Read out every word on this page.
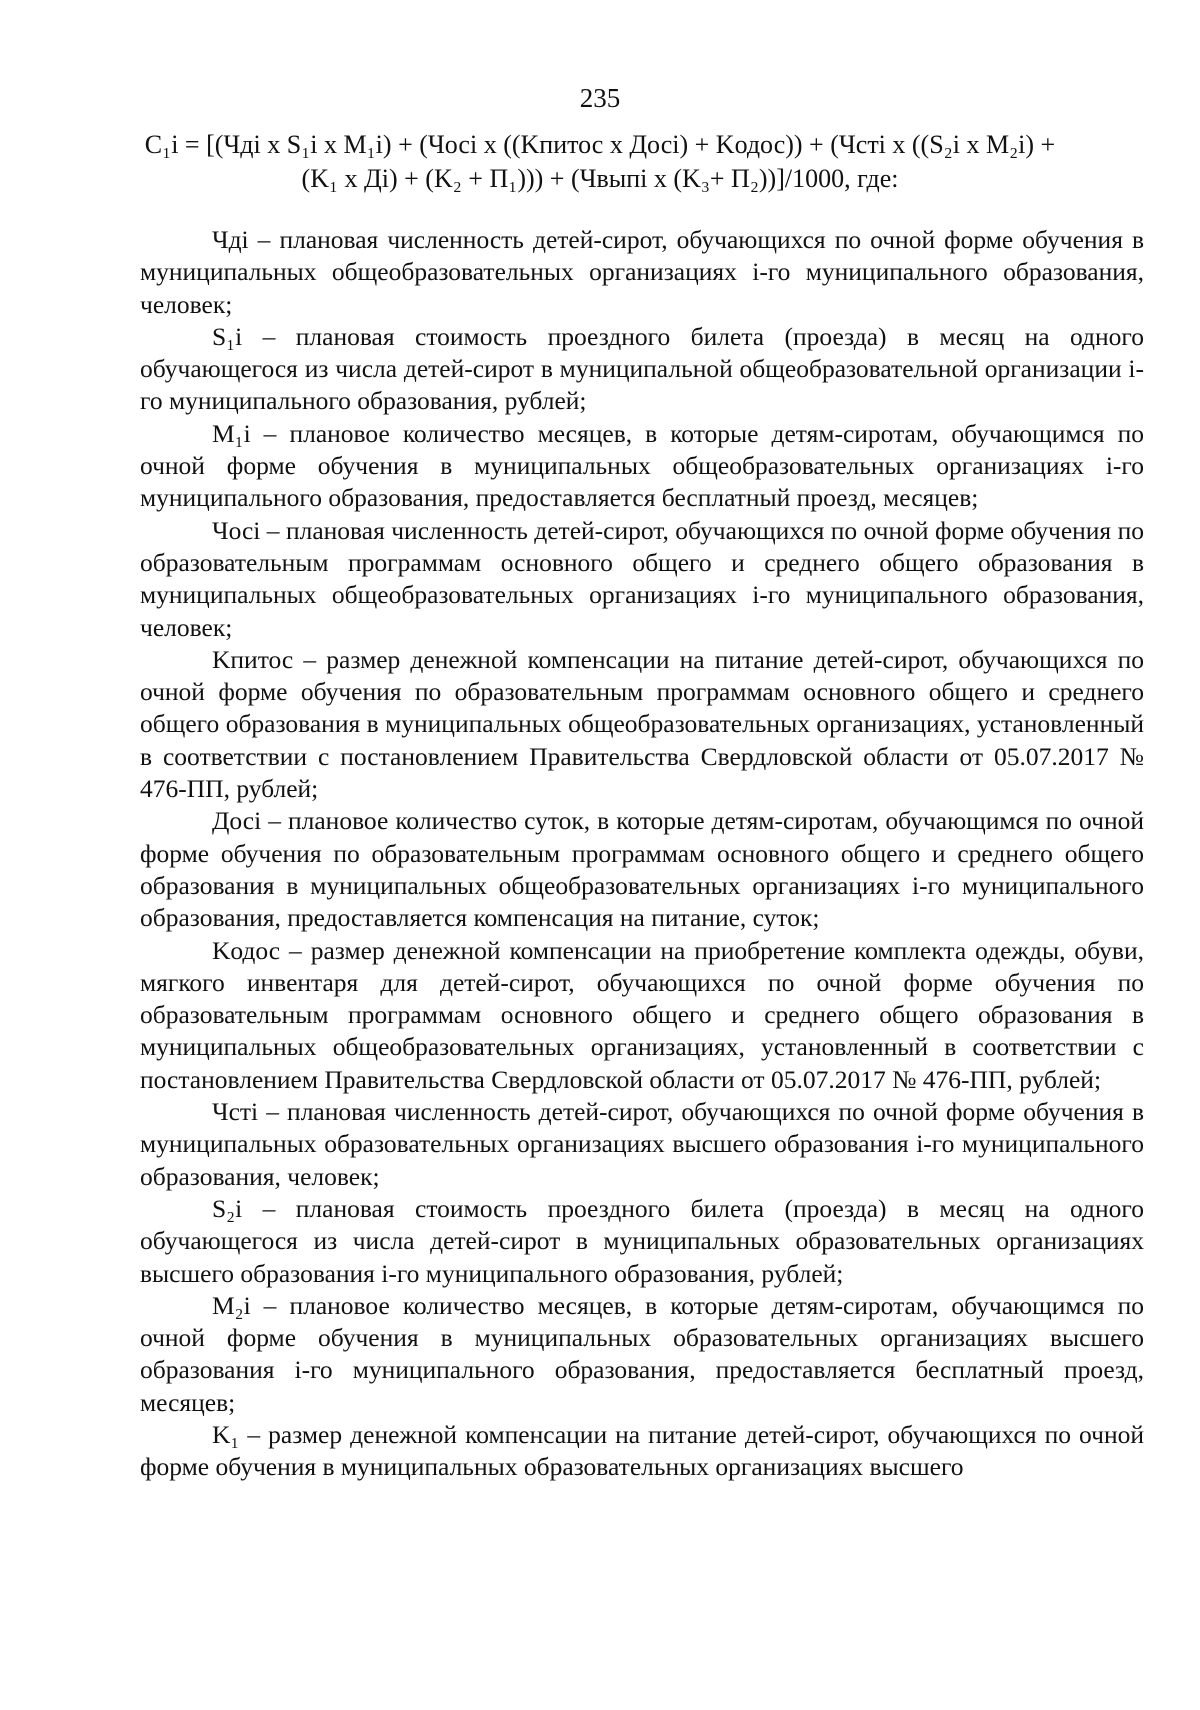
235
C₁i = [(Чдi x S₁i x M₁i) + (Чосi x ((Kпитос x Досi) + Kодос)) + (Чстi x ((S₂i x M₂i) +
(K₁ x Дi) + (K₂ + П₁))) + (Чвыпi x (K₃+ П₂))]/1000, где:

Чдi – плановая численность детей-сирот, обучающихся по очной форме обучения в муниципальных общеобразовательных организациях i-го муниципального образования, человек;

S₁i – плановая стоимость проездного билета (проезда) в месяц на одного обучающегося из числа детей-сирот в муниципальной общеобразовательной организации i-го муниципального образования, рублей;

M₁i – плановое количество месяцев, в которые детям-сиротам, обучающимся по очной форме обучения в муниципальных общеобразовательных организациях i-го муниципального образования, предоставляется бесплатный проезд, месяцев;

Чосi – плановая численность детей-сирот, обучающихся по очной форме обучения по образовательным программам основного общего и среднего общего образования в муниципальных общеобразовательных организациях i-го муниципального образования, человек;

Kпитос – размер денежной компенсации на питание детей-сирот, обучающихся по очной форме обучения по образовательным программам основного общего и среднего общего образования в муниципальных общеобразовательных организациях, установленный в соответствии с постановлением Правительства Свердловской области от 05.07.2017 № 476-ПП, рублей;

Досi – плановое количество суток, в которые детям-сиротам, обучающимся по очной форме обучения по образовательным программам основного общего и среднего общего образования в муниципальных общеобразовательных организациях i-го муниципального образования, предоставляется компенсация на питание, суток;

Kодос – размер денежной компенсации на приобретение комплекта одежды, обуви, мягкого инвентаря для детей-сирот, обучающихся по очной форме обучения по образовательным программам основного общего и среднего общего образования в муниципальных общеобразовательных организациях, установленный в соответствии с постановлением Правительства Свердловской области от 05.07.2017 № 476-ПП, рублей;

Чстi – плановая численность детей-сирот, обучающихся по очной форме обучения в муниципальных образовательных организациях высшего образования i-го муниципального образования, человек;

S₂i – плановая стоимость проездного билета (проезда) в месяц на одного обучающегося из числа детей-сирот в муниципальных образовательных организациях высшего образования i-го муниципального образования, рублей;

M₂i – плановое количество месяцев, в которые детям-сиротам, обучающимся по очной форме обучения в муниципальных образовательных организациях высшего образования i-го муниципального образования, предоставляется бесплатный проезд, месяцев;

K₁ – размер денежной компенсации на питание детей-сирот, обучающихся по очной форме обучения в муниципальных образовательных организациях высшего
